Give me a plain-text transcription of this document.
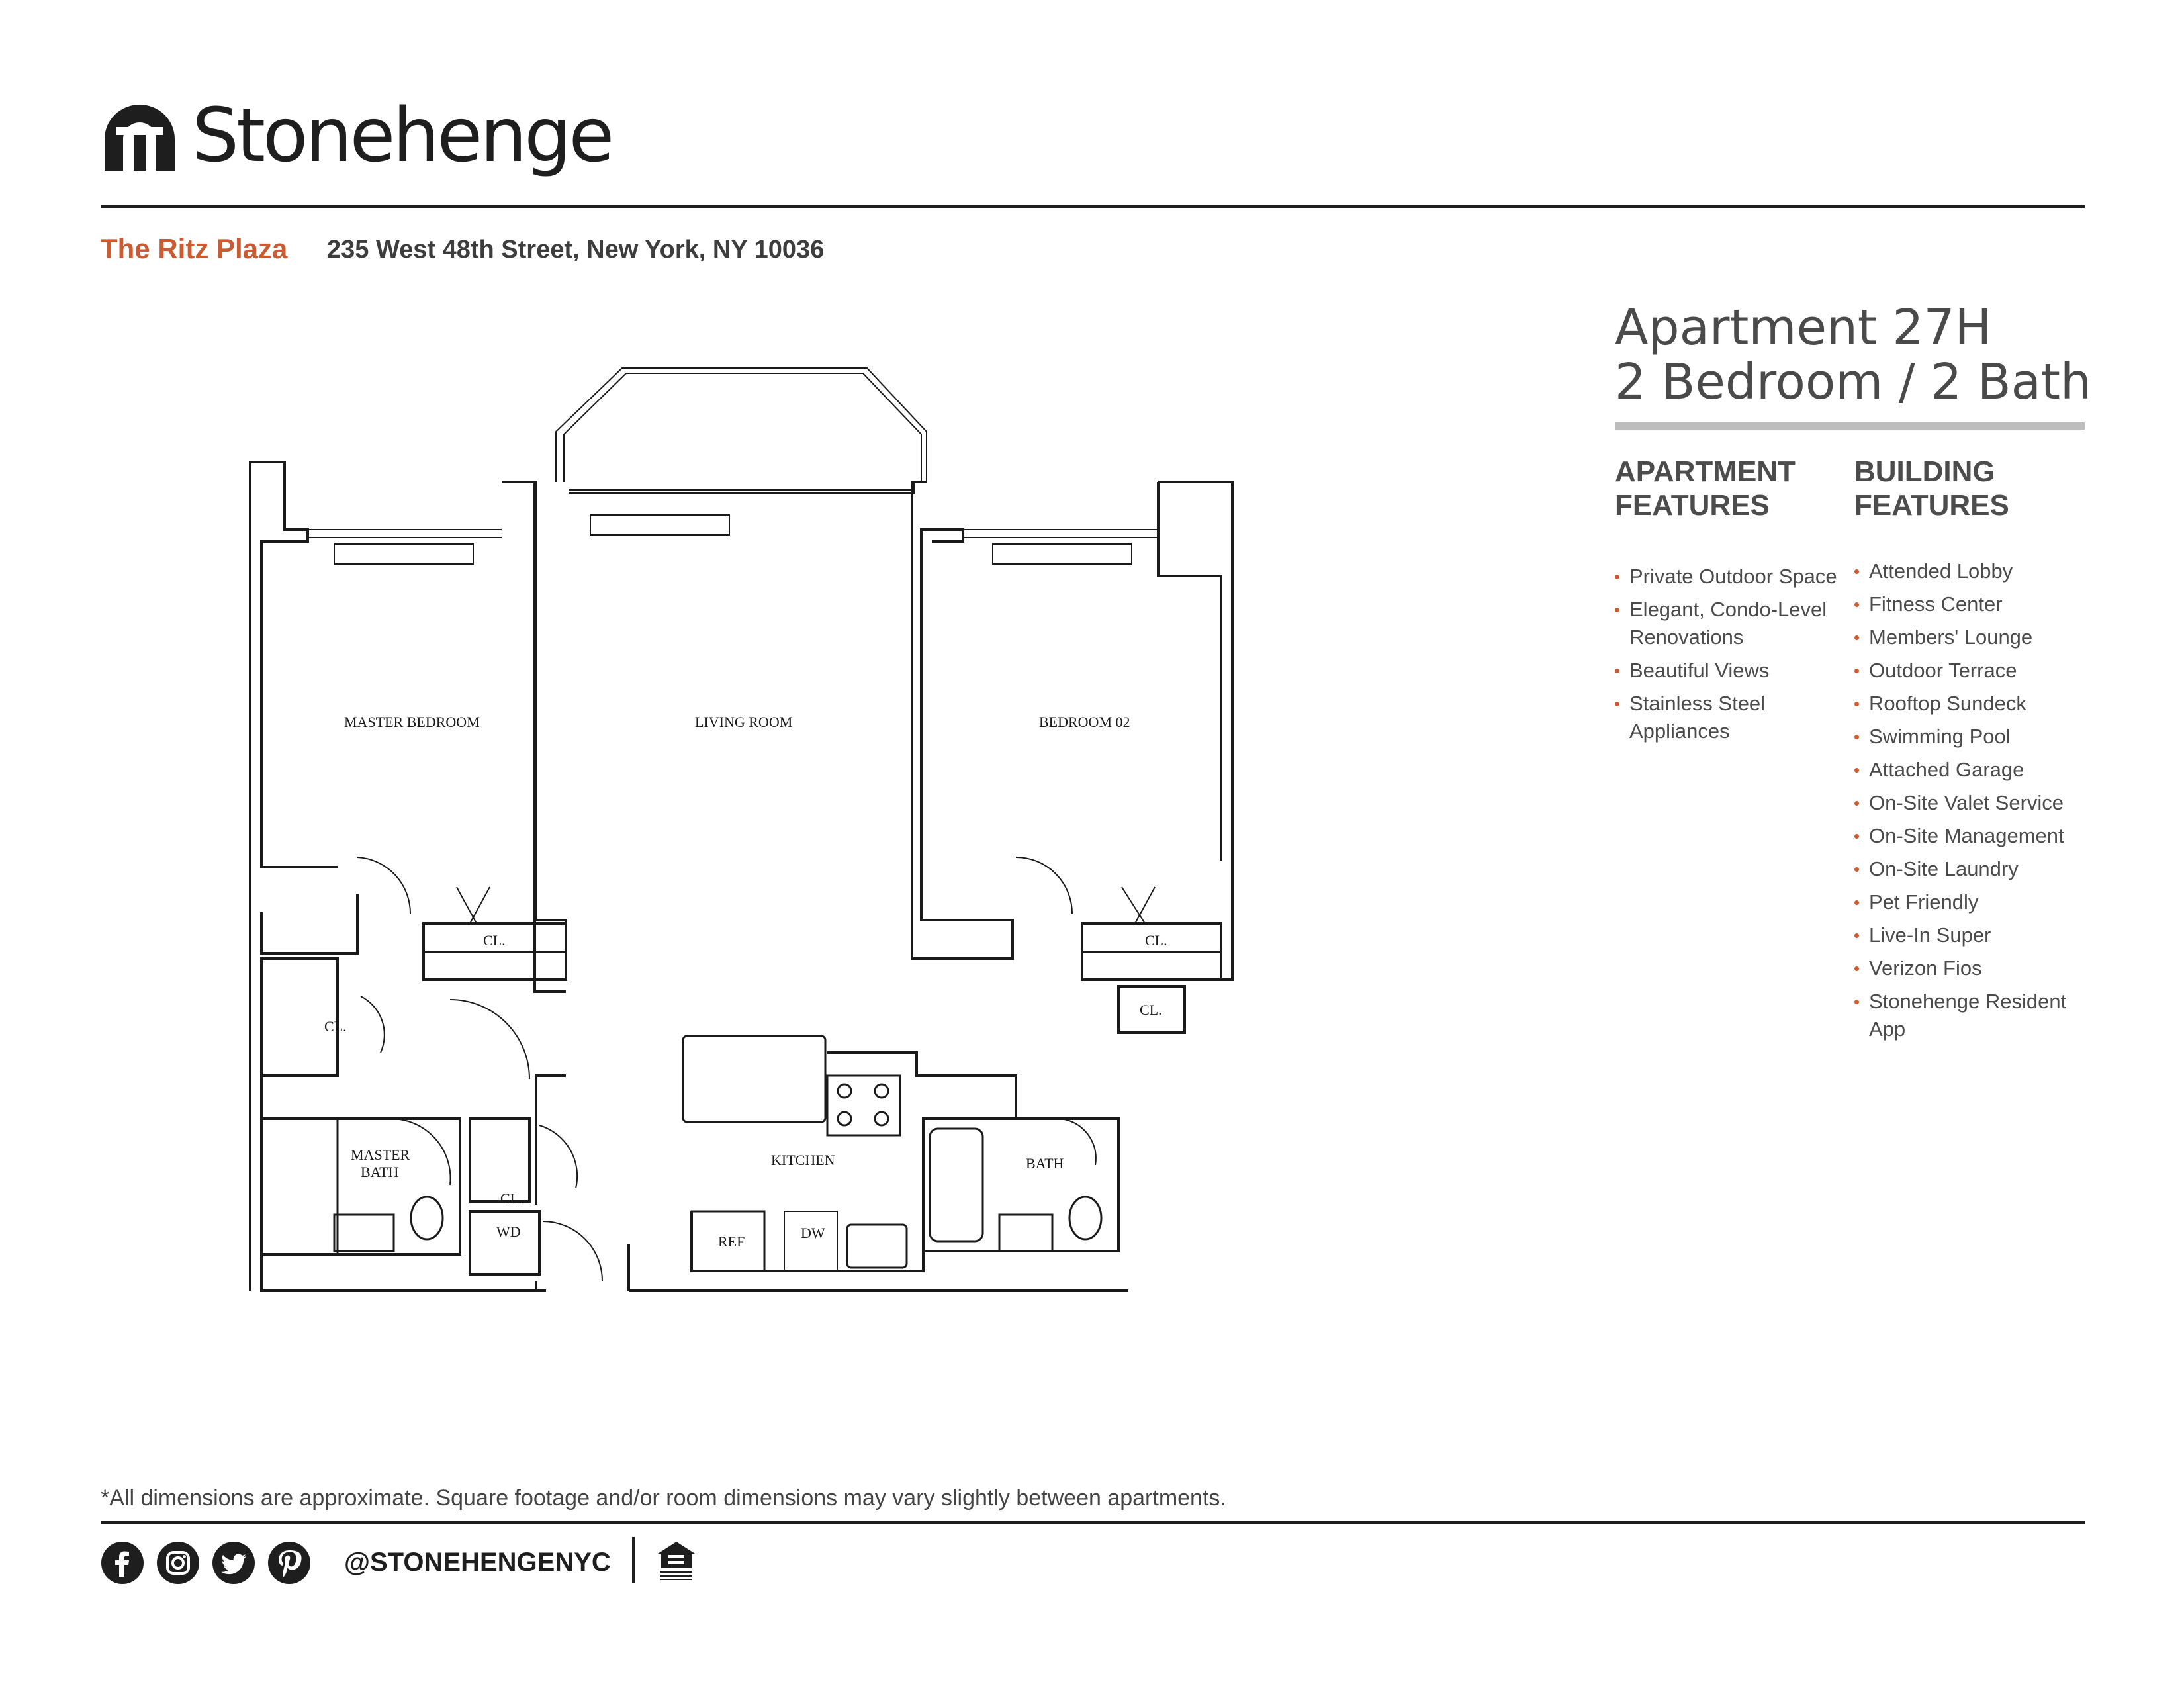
Stonehenge
The Ritz Plaza 235 West 48th Street, New York, NY 10036
Apartment 27H
2 Bedroom / 2 Bath
APARTMENT
FEATURES
Private Outdoor Space
Elegant, Condo-Level
Renovations
Beautiful Views
Stainless Steel
Appliances
BUILDING
FEATURES
Attended Lobby
Fitness Center
Members' Lounge
Outdoor Terrace
Rooftop Sundeck
Swimming Pool
Attached Garage
On-Site Valet Service
On-Site Management
On-Site Laundry
Pet Friendly
Live-In Super
Verizon Fios
Stonehenge Resident
App
MASTER BEDROOM	LIVING ROOM	BEDROOM 02
CL.	CL.
CL.
CL.
CL.
MASTER
BATH
KITCHEN	BATH
WD
REF
DW
*All dimensions are approximate. Square footage and/or room dimensions may vary slightly between apartments.
@STONEHENGENYC
